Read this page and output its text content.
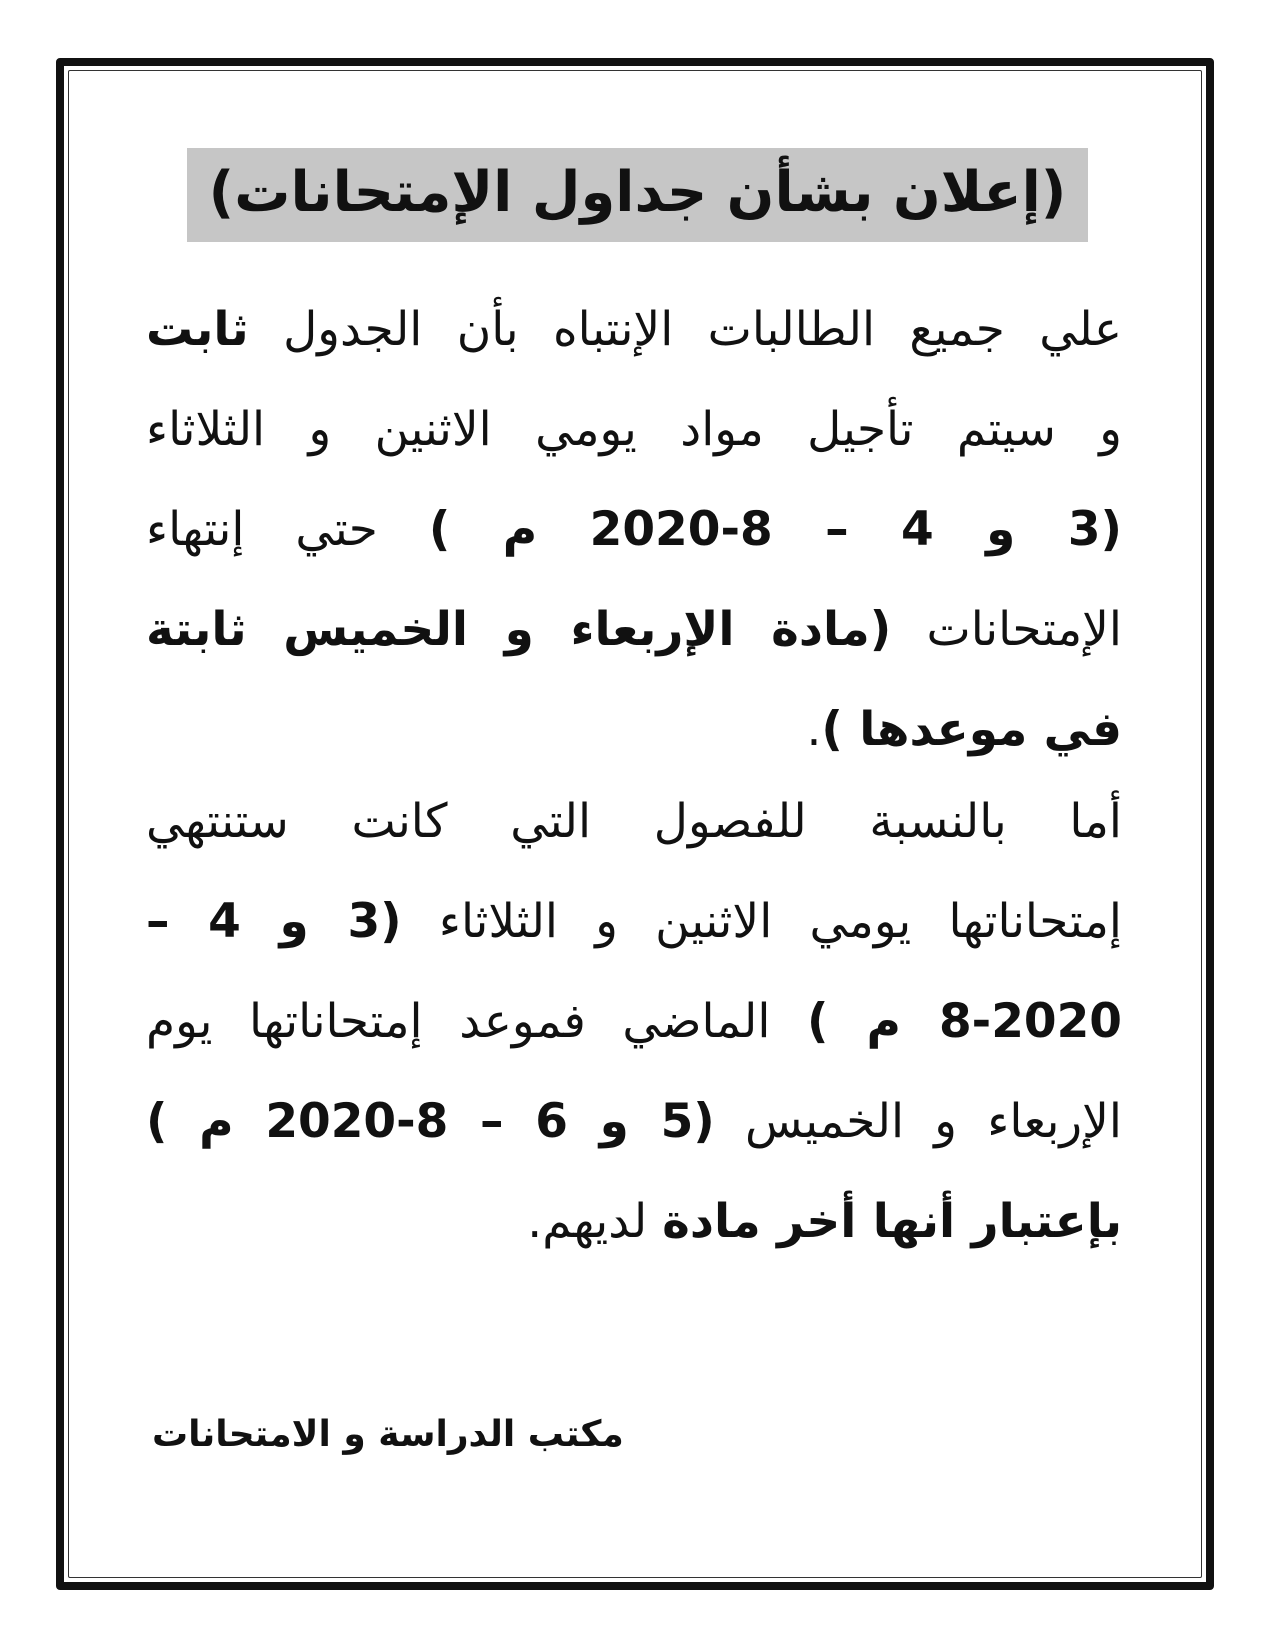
(إعلان بشأن جداول الإمتحانات)
علي جميع الطالبات الإنتباه بأن الجدول ثابت
و سيتم تأجيل مواد يومي الاثنين و الثلاثاء
(3 و 4 – 8-2020 م ) حتي إنتهاء
الإمتحانات (مادة الإربعاء و الخميس ثابتة
في موعدها ).
أما بالنسبة للفصول التي كانت ستنتهي
إمتحاناتها يومي الاثنين و الثلاثاء (3 و 4 –
8-2020 م ) الماضي فموعد إمتحاناتها يوم
الإربعاء و الخميس (5 و 6 – 8-2020 م )
بإعتبار أنها أخر مادة لديهم.
مكتب الدراسة و الامتحانات
